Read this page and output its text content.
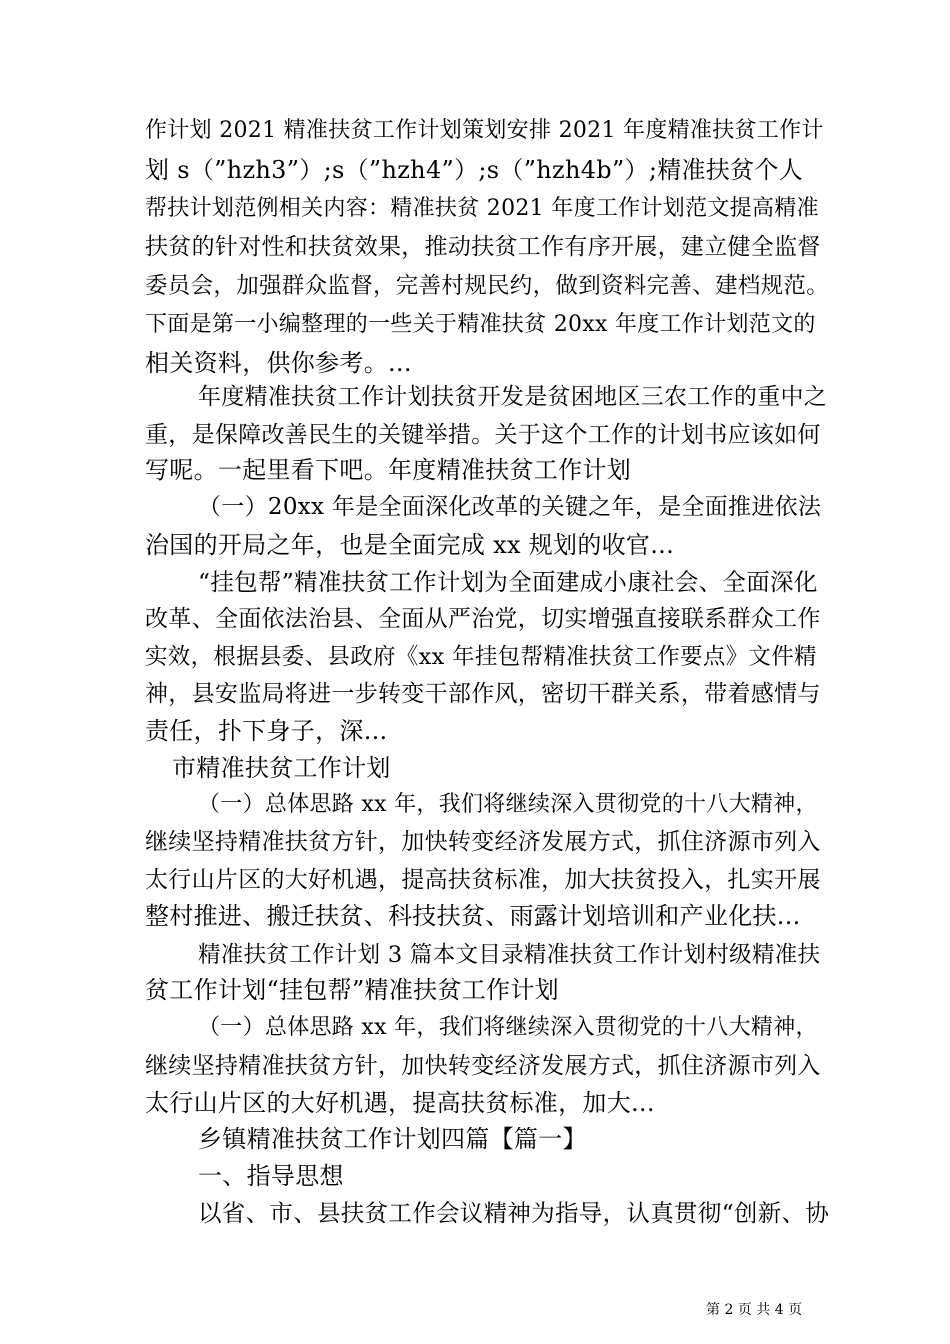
作计划 2021 精准扶贫工作计划策划安排 2021 年度精准扶贫工作计
划 s（”hzh3”）;s（”hzh4”）;s（”hzh4b”）;精准扶贫个人
帮扶计划范例相关内容：精准扶贫 2021 年度工作计划范文提高精准
扶贫的针对性和扶贫效果，推动扶贫工作有序开展，建立健全监督
委员会，加强群众监督，完善村规民约，做到资料完善、建档规范。
下面是第一小编整理的一些关于精准扶贫 20xx 年度工作计划范文的
相关资料，供你参考。...
年度精准扶贫工作计划扶贫开发是贫困地区三农工作的重中之
重，是保障改善民生的关键举措。关于这个工作的计划书应该如何
写呢。一起里看下吧。年度精准扶贫工作计划
（一）20xx 年是全面深化改革的关键之年，是全面推进依法
治国的开局之年，也是全面完成 xx 规划的收官...
“挂包帮”精准扶贫工作计划为全面建成小康社会、全面深化
改革、全面依法治县、全面从严治党，切实增强直接联系群众工作
实效，根据县委、县政府《xx 年挂包帮精准扶贫工作要点》文件精
神，县安监局将进一步转变干部作风，密切干群关系，带着感情与
责任，扑下身子，深...
市精准扶贫工作计划
（一）总体思路 xx 年，我们将继续深入贯彻党的十八大精神，
继续坚持精准扶贫方针，加快转变经济发展方式，抓住济源市列入
太行山片区的大好机遇，提高扶贫标准，加大扶贫投入，扎实开展
整村推进、搬迁扶贫、科技扶贫、雨露计划培训和产业化扶...
精准扶贫工作计划 3 篇本文目录精准扶贫工作计划村级精准扶
贫工作计划“挂包帮”精准扶贫工作计划
（一）总体思路 xx 年，我们将继续深入贯彻党的十八大精神，
继续坚持精准扶贫方针，加快转变经济发展方式，抓住济源市列入
太行山片区的大好机遇，提高扶贫标准，加大...
乡镇精准扶贫工作计划四篇【篇一】
一、指导思想
以省、市、县扶贫工作会议精神为指导，认真贯彻“创新、协
第 2 页 共 4 页
